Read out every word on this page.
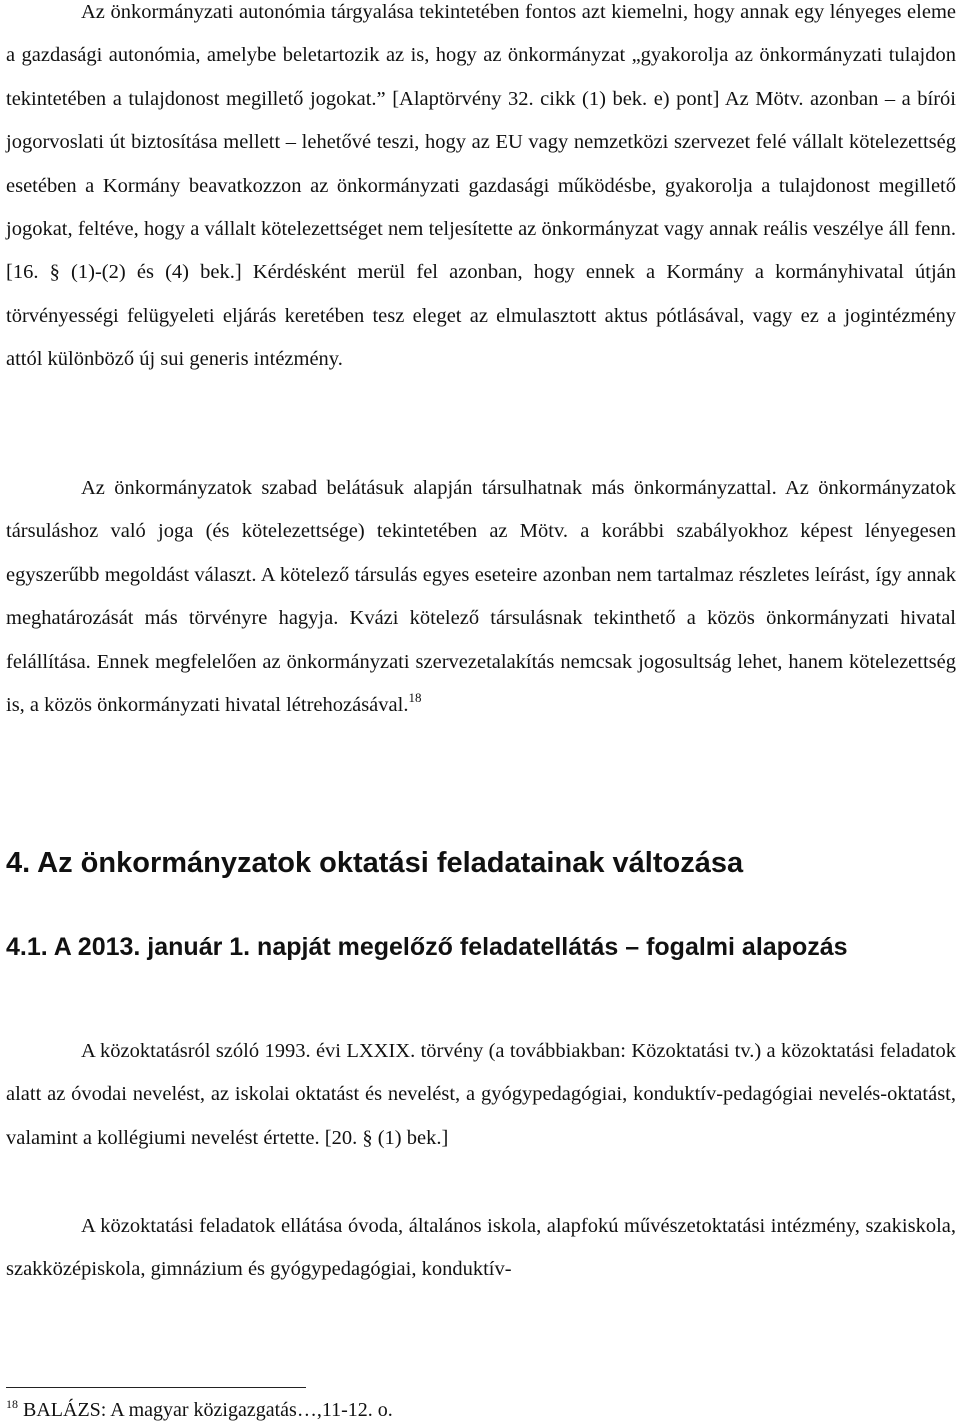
Az önkormányzati autonómia tárgyalása tekintetében fontos azt kiemelni, hogy annak egy lényeges eleme a gazdasági autonómia, amelybe beletartozik az is, hogy az önkormányzat „gyakorolja az önkormányzati tulajdon tekintetében a tulajdonost megillető jogokat.” [Alaptörvény 32. cikk (1) bek. e) pont] Az Mötv. azonban – a bírói jogorvoslati út biztosítása mellett – lehetővé teszi, hogy az EU vagy nemzetközi szervezet felé vállalt kötelezettség esetében a Kormány beavatkozzon az önkormányzati gazdasági működésbe, gyakorolja a tulajdonost megillető jogokat, feltéve, hogy a vállalt kötelezettséget nem teljesítette az önkormányzat vagy annak reális veszélye áll fenn. [16. § (1)-(2) és (4) bek.] Kérdésként merül fel azonban, hogy ennek a Kormány a kormányhivatal útján törvényességi felügyeleti eljárás keretében tesz eleget az elmulasztott aktus pótlásával, vagy ez a jogintézmény attól különböző új sui generis intézmény.

Az önkormányzatok szabad belátásuk alapján társulhatnak más önkormányzattal. Az önkormányzatok társuláshoz való joga (és kötelezettsége) tekintetében az Mötv. a korábbi szabályokhoz képest lényegesen egyszerűbb megoldást választ. A kötelező társulás egyes eseteire azonban nem tartalmaz részletes leírást, így annak meghatározását más törvényre hagyja. Kvázi kötelező társulásnak tekinthető a közös önkormányzati hivatal felállítása. Ennek megfelelően az önkormányzati szervezetalakítás nemcsak jogosultság lehet, hanem kötelezettség is, a közös önkormányzati hivatal létrehozásával.$^{18}$

4. Az önkormányzatok oktatási feladatainak változása
4.1. A 2013. január 1. napját megelőző feladatellátás – fogalmi alapozás

A közoktatásról szóló 1993. évi LXXIX. törvény (a továbbiakban: Közoktatási tv.) a közoktatási feladatok alatt az óvodai nevelést, az iskolai oktatást és nevelést, a gyógypedagógiai, konduktív-pedagógiai nevelés-oktatást, valamint a kollégiumi nevelést értette. [20. § (1) bek.]

A közoktatási feladatok ellátása óvoda, általános iskola, alapfokú művészetoktatási intézmény, szakiskola, szakközépiskola, gimnázium és gyógypedagógiai, konduktív-

$^{18}$ BALÁZS: A magyar közigazgatás…,11-12. o.
